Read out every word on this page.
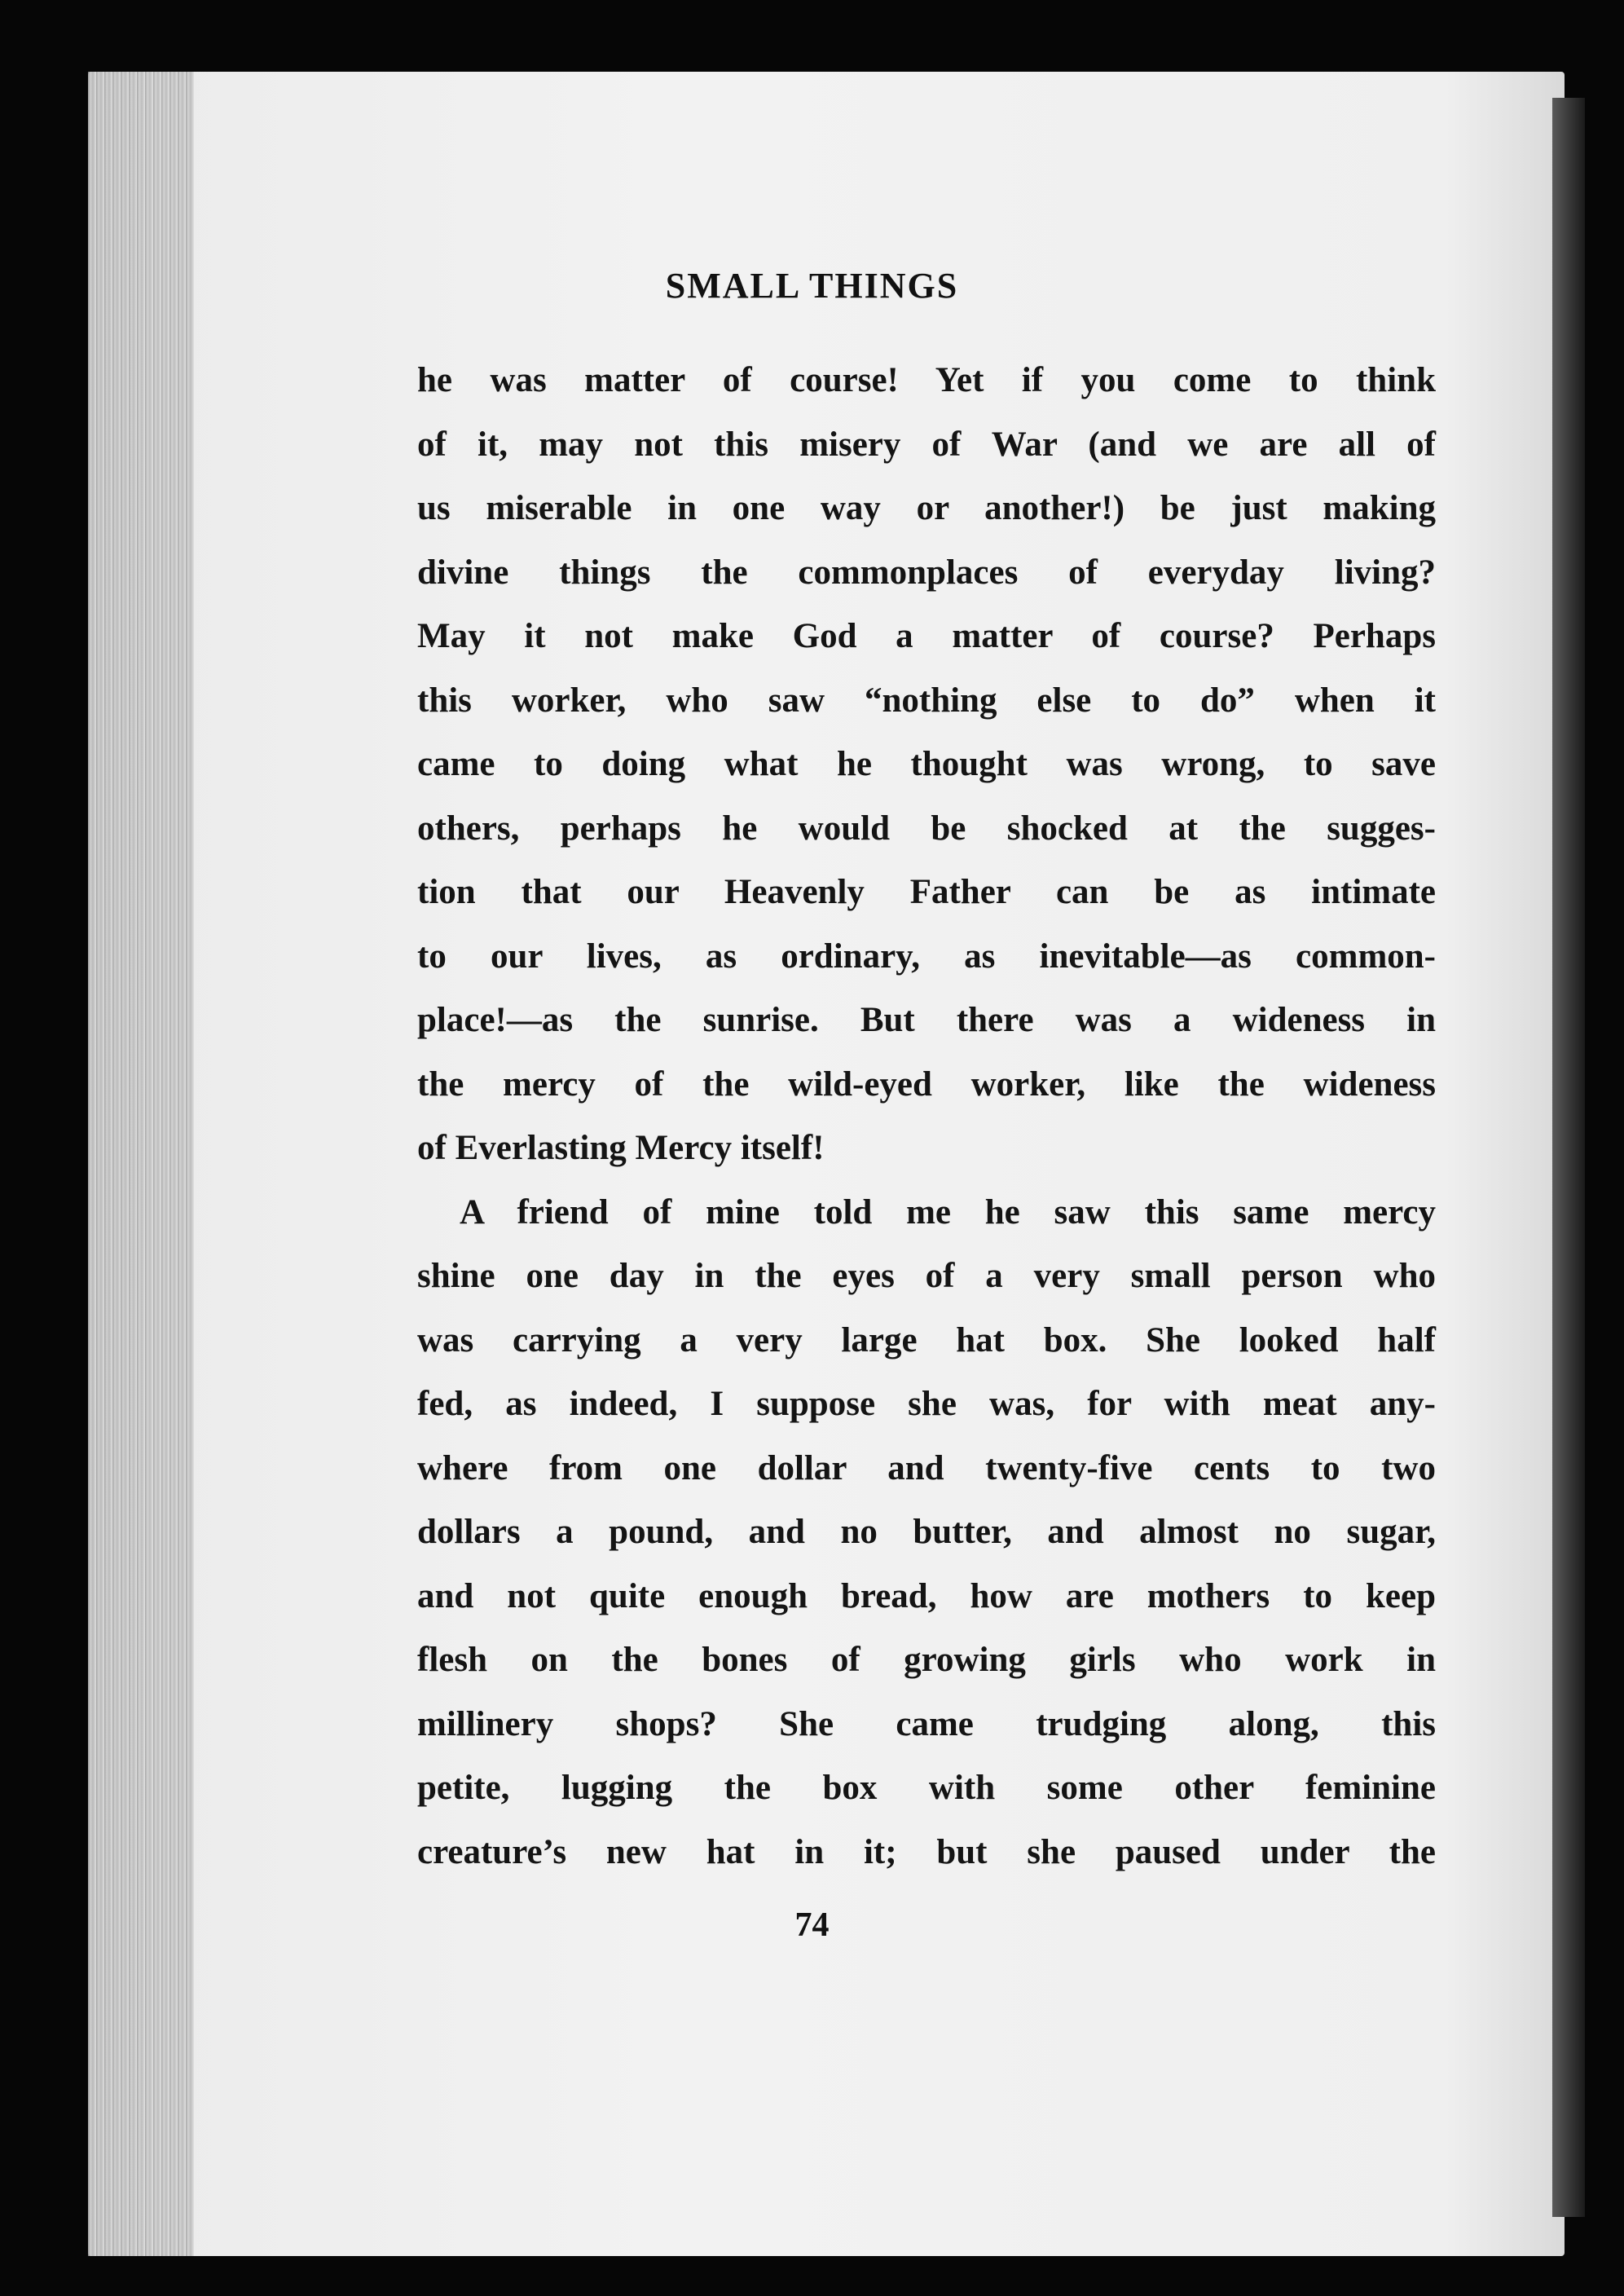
SMALL THINGS
he was matter of course! Yet if you come to think
of it, may not this misery of War (and we are all of
us miserable in one way or another!) be just making
divine things the commonplaces of everyday living?
May it not make God a matter of course? Perhaps
this worker, who saw “nothing else to do” when it
came to doing what he thought was wrong, to save
others, perhaps he would be shocked at the sugges-
tion that our Heavenly Father can be as intimate
to our lives, as ordinary, as inevitable—as common-
place!—as the sunrise. But there was a wideness in
the mercy of the wild-eyed worker, like the wideness
of Everlasting Mercy itself!
A friend of mine told me he saw this same mercy
shine one day in the eyes of a very small person who
was carrying a very large hat box. She looked half
fed, as indeed, I suppose she was, for with meat any-
where from one dollar and twenty-five cents to two
dollars a pound, and no butter, and almost no sugar,
and not quite enough bread, how are mothers to keep
flesh on the bones of growing girls who work in
millinery shops? She came trudging along, this
petite, lugging the box with some other feminine
creature’s new hat in it; but she paused under the
74
